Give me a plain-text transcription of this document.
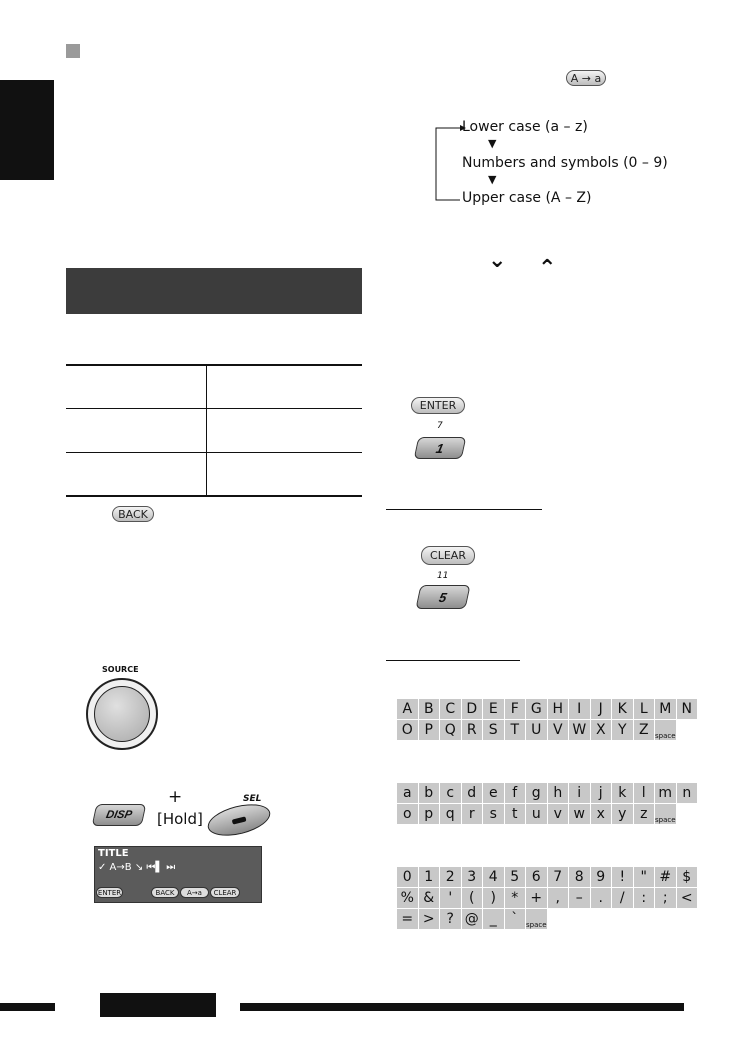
BACK
SOURCE
DISP
+
[Hold]
SEL
TITLE
✓ A→B ↘ ⏮▌ ⏭
ENTER	BACK	A→a	CLEAR
A → a
Lower case (a – z)
▼
Numbers and symbols (0 – 9)
▼
Upper case (A – Z)
⌄ ⌃
ENTER
7
1
CLEAR
11
5
A B C D E F G H	I	J	K L M N
O P Q R S T U V W X Y Z space
a b c d e	f	g h	i	j	k	l m n
o p q	r	s	t	u v w x y z	space
0 1 2 3 4 5 6 7 8 9	!	" # $
% &	'	(	)	* + ,	–	.	/	:	; <
= > ? @ _	`	space
